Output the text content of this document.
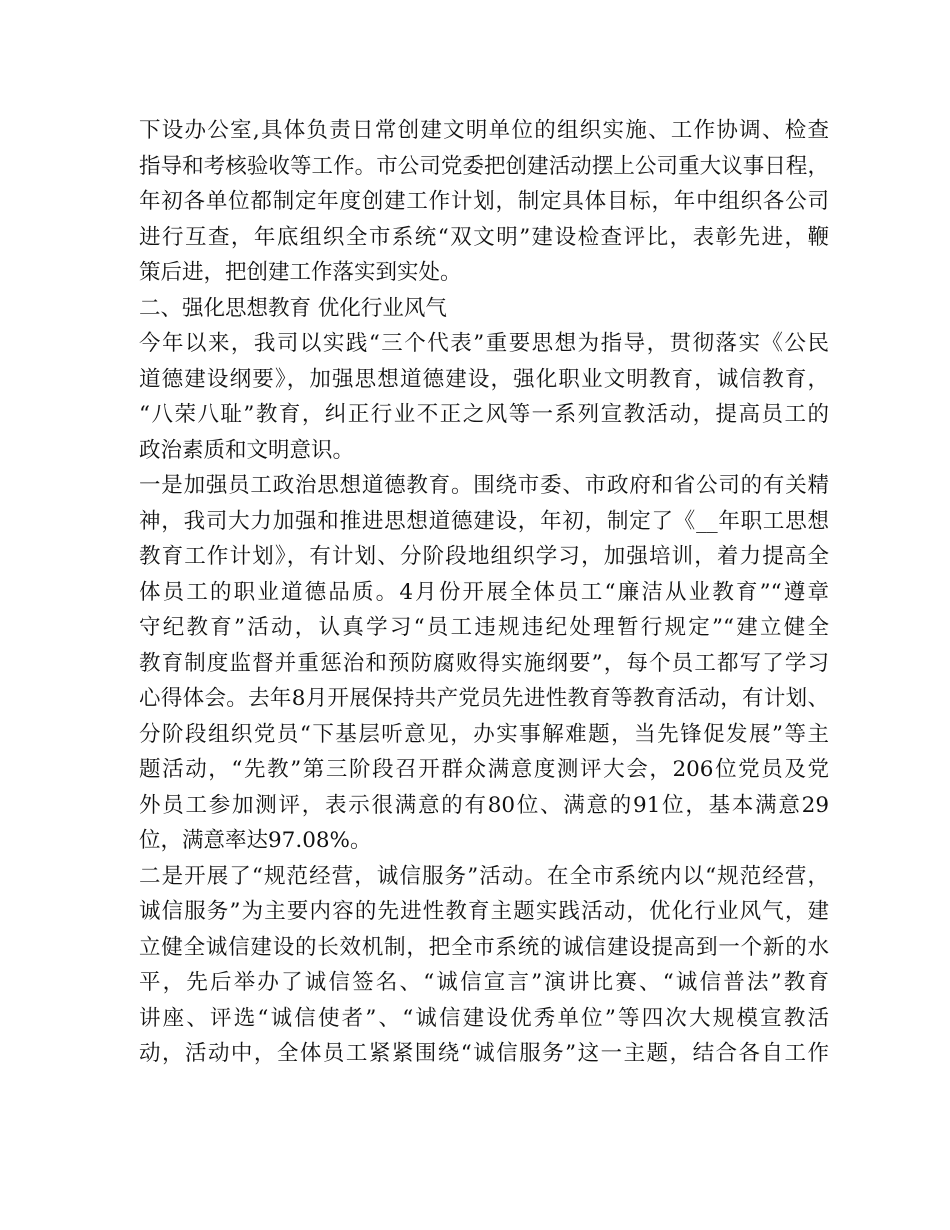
下设办公室,具体负责日常创建文明单位的组织实施、工作协调、检查
指导和考核验收等工作。市公司党委把创建活动摆上公司重大议事日程，
年初各单位都制定年度创建工作计划，制定具体目标，年中组织各公司
进行互查，年底组织全市系统“双文明”建设检查评比，表彰先进，鞭
策后进，把创建工作落实到实处。
二、强化思想教育 优化行业风气
今年以来，我司以实践“三个代表”重要思想为指导，贯彻落实《公民
道德建设纲要》，加强思想道德建设，强化职业文明教育，诚信教育，
“八荣八耻”教育，纠正行业不正之风等一系列宣教活动，提高员工的
政治素质和文明意识。
一是加强员工政治思想道德教育。围绕市委、市政府和省公司的有关精
神，我司大力加强和推进思想道德建设，年初，制定了《__年职工思想
教育工作计划》，有计划、分阶段地组织学习，加强培训，着力提高全
体员工的职业道德品质。4月份开展全体员工“廉洁从业教育”“遵章
守纪教育”活动，认真学习“员工违规违纪处理暂行规定”“建立健全
教育制度监督并重惩治和预防腐败得实施纲要”，每个员工都写了学习
心得体会。去年8月开展保持共产党员先进性教育等教育活动，有计划、
分阶段组织党员“下基层听意见，办实事解难题，当先锋促发展”等主
题活动，“先教”第三阶段召开群众满意度测评大会，206位党员及党
外员工参加测评，表示很满意的有80位、满意的91位，基本满意29
位，满意率达97.08%。
二是开展了“规范经营，诚信服务”活动。在全市系统内以“规范经营，
诚信服务”为主要内容的先进性教育主题实践活动，优化行业风气，建
立健全诚信建设的长效机制，把全市系统的诚信建设提高到一个新的水
平，先后举办了诚信签名、“诚信宣言”演讲比赛、“诚信普法”教育
讲座、评选“诚信使者”、“诚信建设优秀单位”等四次大规模宣教活
动，活动中，全体员工紧紧围绕“诚信服务”这一主题，结合各自工作
